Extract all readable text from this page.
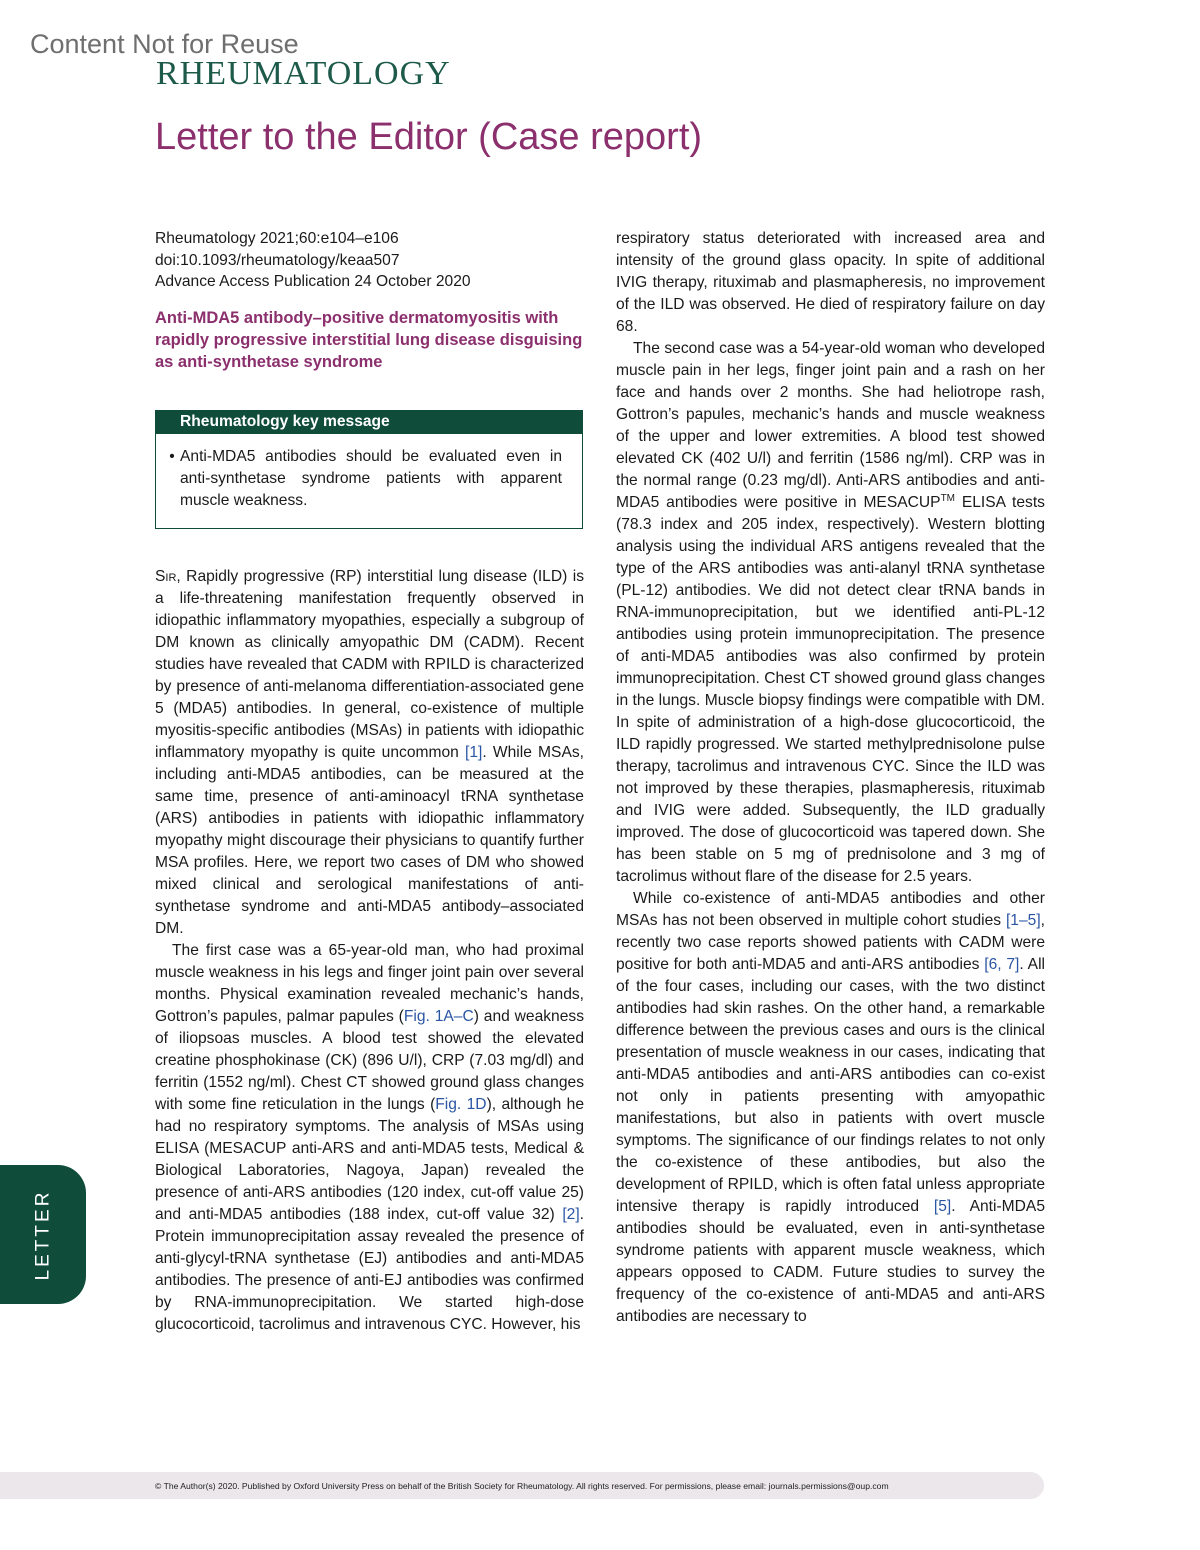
Content Not for Reuse
RHEUMATOLOGY
Letter to the Editor (Case report)
Rheumatology 2021;60:e104–e106
doi:10.1093/rheumatology/keaa507
Advance Access Publication 24 October 2020
Anti-MDA5 antibody–positive dermatomyositis with rapidly progressive interstitial lung disease disguising as anti-synthetase syndrome
Rheumatology key message
• Anti-MDA5 antibodies should be evaluated even in anti-synthetase syndrome patients with apparent muscle weakness.

Sir, Rapidly progressive (RP) interstitial lung disease (ILD) is a life-threatening manifestation frequently observed in idiopathic inflammatory myopathies, especially a subgroup of DM known as clinically amyopathic DM (CADM). Recent studies have revealed that CADM with RPILD is characterized by presence of anti-melanoma differentiation-associated gene 5 (MDA5) antibodies. In general, co-existence of multiple myositis-specific antibodies (MSAs) in patients with idiopathic inflammatory myopathy is quite uncommon [1]. While MSAs, including anti-MDA5 antibodies, can be measured at the same time, presence of anti-aminoacyl tRNA synthetase (ARS) antibodies in patients with idiopathic inflammatory myopathy might discourage their physicians to quantify further MSA profiles. Here, we report two cases of DM who showed mixed clinical and serological manifestations of anti-synthetase syndrome and anti-MDA5 antibody–associated DM.

The first case was a 65-year-old man, who had proximal muscle weakness in his legs and finger joint pain over several months. Physical examination revealed mechanic’s hands, Gottron’s papules, palmar papules (Fig. 1A–C) and weakness of iliopsoas muscles. A blood test showed the elevated creatine phosphokinase (CK) (896 U/l), CRP (7.03 mg/dl) and ferritin (1552 ng/ml). Chest CT showed ground glass changes with some fine reticulation in the lungs (Fig. 1D), although he had no respiratory symptoms. The analysis of MSAs using ELISA (MESACUP anti-ARS and anti-MDA5 tests, Medical & Biological Laboratories, Nagoya, Japan) revealed the presence of anti-ARS antibodies (120 index, cut-off value 25) and anti-MDA5 antibodies (188 index, cut-off value 32) [2]. Protein immunoprecipitation assay revealed the presence of anti-glycyl-tRNA synthetase (EJ) antibodies and anti-MDA5 antibodies. The presence of anti-EJ antibodies was confirmed by RNA-immunoprecipitation. We started high-dose glucocorticoid, tacrolimus and intravenous CYC. However, his

respiratory status deteriorated with increased area and intensity of the ground glass opacity. In spite of additional IVIG therapy, rituximab and plasmapheresis, no improvement of the ILD was observed. He died of respiratory failure on day 68.

The second case was a 54-year-old woman who developed muscle pain in her legs, finger joint pain and a rash on her face and hands over 2 months. She had heliotrope rash, Gottron’s papules, mechanic’s hands and muscle weakness of the upper and lower extremities. A blood test showed elevated CK (402 U/l) and ferritin (1586 ng/ml). CRP was in the normal range (0.23 mg/dl). Anti-ARS antibodies and anti-MDA5 antibodies were positive in MESACUP™ ELISA tests (78.3 index and 205 index, respectively). Western blotting analysis using the individual ARS antigens revealed that the type of the ARS antibodies was anti-alanyl tRNA synthetase (PL-12) antibodies. We did not detect clear tRNA bands in RNA-immunoprecipitation, but we identified anti-PL-12 antibodies using protein immunoprecipitation. The presence of anti-MDA5 antibodies was also confirmed by protein immunoprecipitation. Chest CT showed ground glass changes in the lungs. Muscle biopsy findings were compatible with DM. In spite of administration of a high-dose glucocorticoid, the ILD rapidly progressed. We started methylprednisolone pulse therapy, tacrolimus and intravenous CYC. Since the ILD was not improved by these therapies, plasmapheresis, rituximab and IVIG were added. Subsequently, the ILD gradually improved. The dose of glucocorticoid was tapered down. She has been stable on 5 mg of prednisolone and 3 mg of tacrolimus without flare of the disease for 2.5 years.

While co-existence of anti-MDA5 antibodies and other MSAs has not been observed in multiple cohort studies [1–5], recently two case reports showed patients with CADM were positive for both anti-MDA5 and anti-ARS antibodies [6, 7]. All of the four cases, including our cases, with the two distinct antibodies had skin rashes. On the other hand, a remarkable difference between the previous cases and ours is the clinical presentation of muscle weakness in our cases, indicating that anti-MDA5 antibodies and anti-ARS antibodies can co-exist not only in patients presenting with amyopathic manifestations, but also in patients with overt muscle symptoms. The significance of our findings relates to not only the co-existence of these antibodies, but also the development of RPILD, which is often fatal unless appropriate intensive therapy is rapidly introduced [5]. Anti-MDA5 antibodies should be evaluated, even in anti-synthetase syndrome patients with apparent muscle weakness, which appears opposed to CADM. Future studies to survey the frequency of the co-existence of anti-MDA5 and anti-ARS antibodies are necessary to

LETTER
© The Author(s) 2020. Published by Oxford University Press on behalf of the British Society for Rheumatology. All rights reserved. For permissions, please email: journals.permissions@oup.com
